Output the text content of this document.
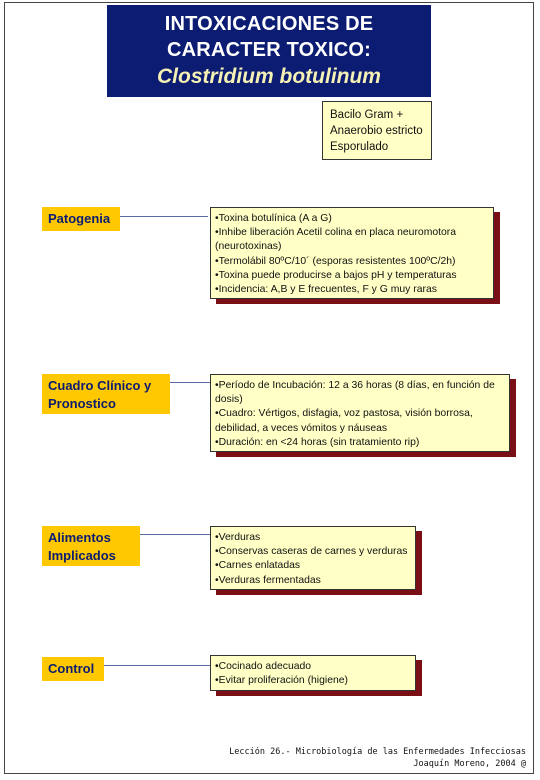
INTOXICACIONES DE
CARACTER TOXICO:
Clostridium botulinum
Bacilo Gram +
Anaerobio estricto
Esporulado
Patogenia	•Toxina botulínica (A a G)
•Inhibe liberación Acetil colina en placa neuromotora (neurotoxinas)
•Termolábil 80ºC/10´ (esporas resistentes 100ºC/2h)
•Toxina puede producirse a bajos pH y temperaturas
•Incidencia: A,B y E frecuentes, F y G muy raras
Cuadro Clínico y
Pronostico
•Período de Incubación: 12 a 36 horas (8 días, en función de dosis)
•Cuadro: Vértigos, disfagia, voz pastosa, visión borrosa, debilidad, a veces vómitos y náuseas
•Duración: en <24 horas (sin tratamiento rip)
Alimentos
Implicados
•Verduras
•Conservas caseras de carnes y verduras
•Carnes enlatadas
•Verduras fermentadas
Control	•Cocinado adecuado
•Evitar proliferación (higiene)
Lección 26.- Microbiología de las Enfermedades Infecciosas
Joaquín Moreno, 2004 @
